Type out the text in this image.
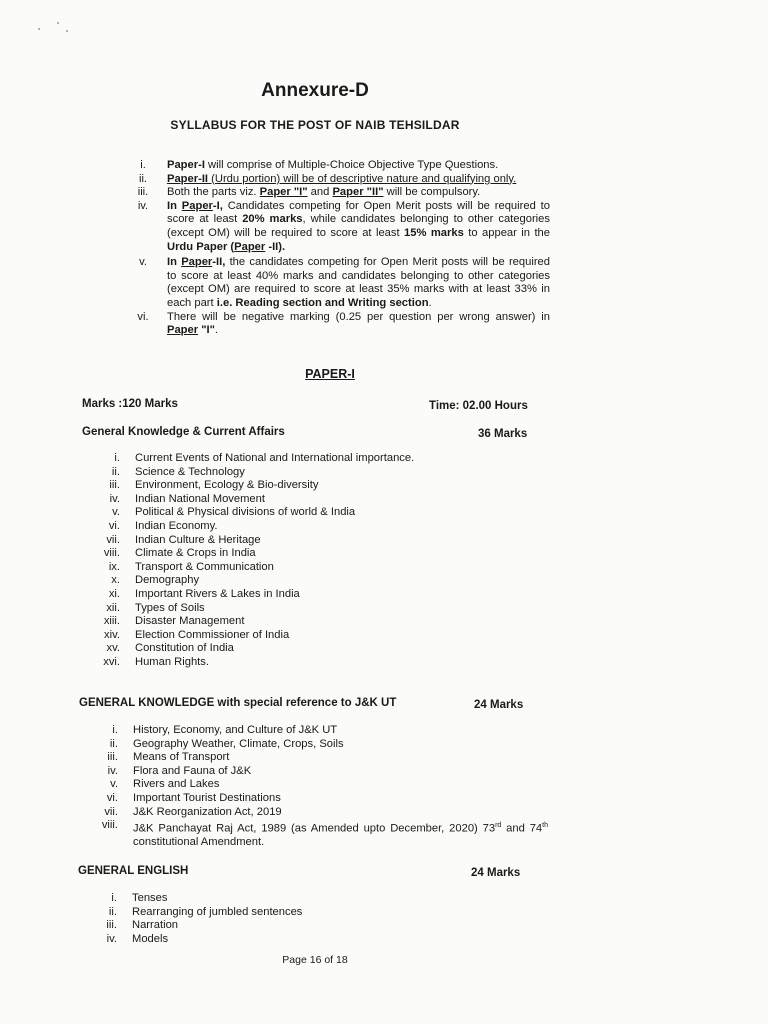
Annexure-D
SYLLABUS FOR THE POST OF NAIB TEHSILDAR
i.	Paper-I will comprise of Multiple-Choice Objective Type Questions.
ii.	Paper-II (Urdu portion) will be of descriptive nature and qualifying only.
iii.	Both the parts viz. Paper "I" and Paper "II" will be compulsory.
iv.	In Paper-I, Candidates competing for Open Merit posts will be required to score at least 20% marks, while candidates belonging to other categories (except OM) will be required to score at least 15% marks to appear in the Urdu Paper (Paper -II).
v.	In Paper-II, the candidates competing for Open Merit posts will be required to score at least 40% marks and candidates belonging to other categories (except OM) are required to score at least 35% marks with at least 33% in each part i.e. Reading section and Writing section.
vi.	There will be negative marking (0.25 per question per wrong answer) in Paper "I".
PAPER-I
Marks :120 Marks	Time: 02.00 Hours
General Knowledge & Current Affairs	36 Marks
i.	Current Events of National and International importance.
ii.	Science & Technology
iii.	Environment, Ecology & Bio-diversity
iv.	Indian National Movement
v.	Political & Physical divisions of world & India
vi.	Indian Economy.
vii.	Indian Culture & Heritage
viii.	Climate & Crops in India
ix.	Transport & Communication
x.	Demography
xi.	Important Rivers & Lakes in India
xii.	Types of Soils
xiii.	Disaster Management
xiv.	Election Commissioner of India
xv.	Constitution of India
xvi.	Human Rights.
GENERAL KNOWLEDGE with special reference to J&K UT	24 Marks
i.	History, Economy, and Culture of J&K UT
ii.	Geography Weather, Climate, Crops, Soils
iii.	Means of Transport
iv.	Flora and Fauna of J&K
v.	Rivers and Lakes
vi.	Important Tourist Destinations
vii.	J&K Reorganization Act, 2019
viii.	J&K Panchayat Raj Act, 1989 (as Amended upto December, 2020) 73rd and 74th constitutional Amendment.
GENERAL ENGLISH	24 Marks
i.	Tenses
ii.	Rearranging of jumbled sentences
iii.	Narration
iv.	Models
Page 16 of 18
